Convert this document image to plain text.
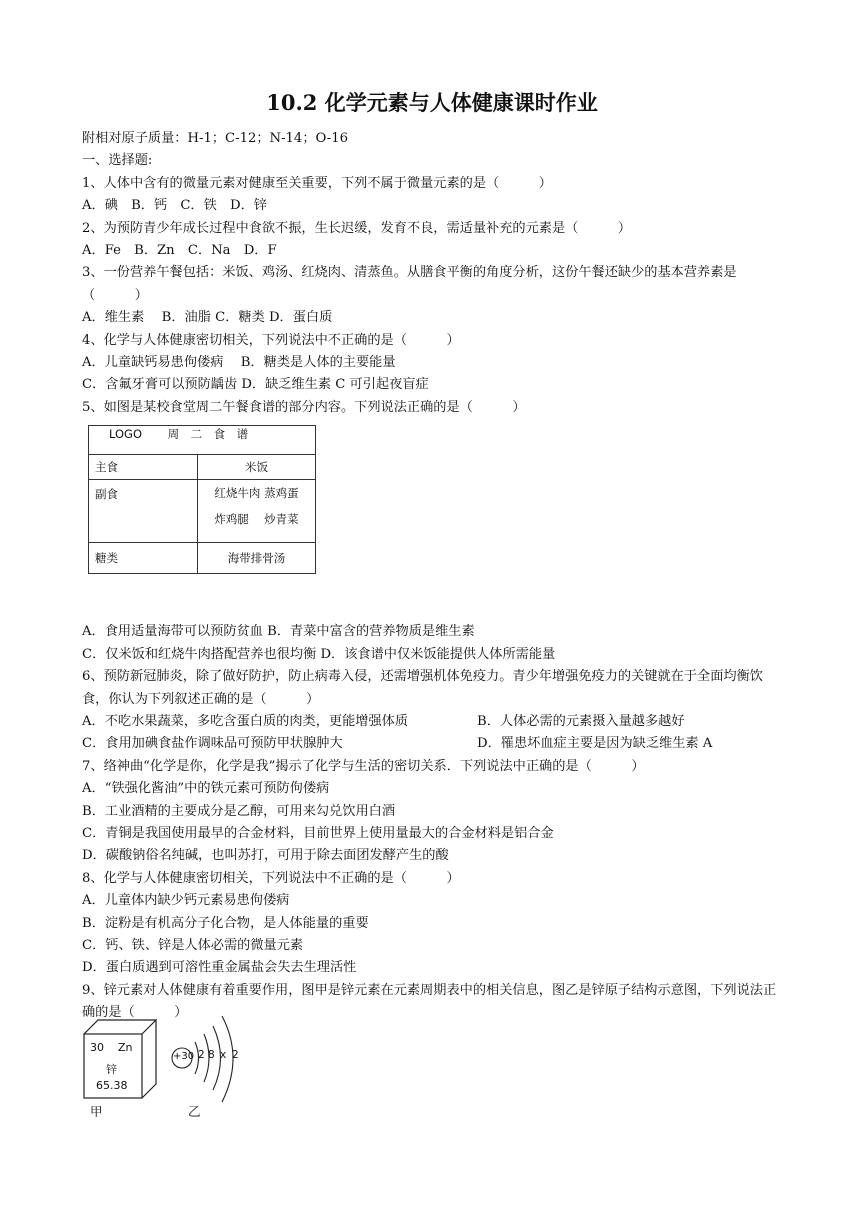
10.2 化学元素与人体健康课时作业
附相对原子质量：H-1；C-12；N-14；O-16
一、选择题:
1、人体中含有的微量元素对健康至关重要，下列不属于微量元素的是（　　　）
A．碘　B．钙　C．铁　D．锌
2、为预防青少年成长过程中食欲不振，生长迟缓，发育不良，需适量补充的元素是（　　　）
A．Fe　B．Zn　C．Na　D．F
3、一份营养午餐包括：米饭、鸡汤、红烧肉、清蒸鱼。从膳食平衡的角度分析，这份午餐还缺少的基本营养素是（　　　）
A．维生素　 B．油脂 C．糖类 D．蛋白质
4、化学与人体健康密切相关，下列说法中不正确的是（　　　）
A．儿童缺钙易患佝偻病　 B．糖类是人体的主要能量
C．含氟牙膏可以预防龋齿 D．缺乏维生素 C 可引起夜盲症
5、如图是某校食堂周二午餐食谱的部分内容。下列说法正确的是（　　　）
LOGO 周　二　食　谱	
主食	米饭
副食	红烧牛肉 蒸鸡蛋

炸鸡腿　 炒青菜

糖类	海带排骨汤
A．食用适量海带可以预防贫血 B．青菜中富含的营养物质是维生素
C．仅米饭和红烧牛肉搭配营养也很均衡 D．该食谱中仅米饭能提供人体所需能量
6、预防新冠肺炎，除了做好防护，防止病毒入侵，还需增强机体免疫力。青少年增强免疫力的关键就在于全面均衡饮食，你认为下列叙述正确的是（　　　）
A．不吃水果蔬菜，多吃含蛋白质的肉类，更能增强体质	B．人体必需的元素摄入量越多越好
C．食用加碘食盐作调味品可预防甲状腺肿大	D．罹患坏血症主要是因为缺乏维生素 A
7、络神曲“化学是你，化学是我”揭示了化学与生活的密切关系．下列说法中正确的是（　　　）
A．“铁强化酱油”中的铁元素可预防佝偻病
B．工业酒精的主要成分是乙醇，可用来勾兑饮用白酒
C．青铜是我国使用最早的合金材料，目前世界上使用量最大的合金材料是铝合金
D．碳酸钠俗名纯碱，也叫苏打，可用于除去面团发酵产生的酸
8、化学与人体健康密切相关，下列说法中不正确的是（　　　）
A．儿童体内缺少钙元素易患佝偻病
B．淀粉是有机高分子化合物，是人体能量的重要
C．钙、铁、锌是人体必需的微量元素
D．蛋白质遇到可溶性重金属盐会失去生理活性
9、锌元素对人体健康有着重要作用，图甲是锌元素在元素周期表中的相关信息，图乙是锌原子结构示意图，下列说法正确的是（　　　）
30 Zn
锌
65.38
+30 2 8 x 2
甲	乙
